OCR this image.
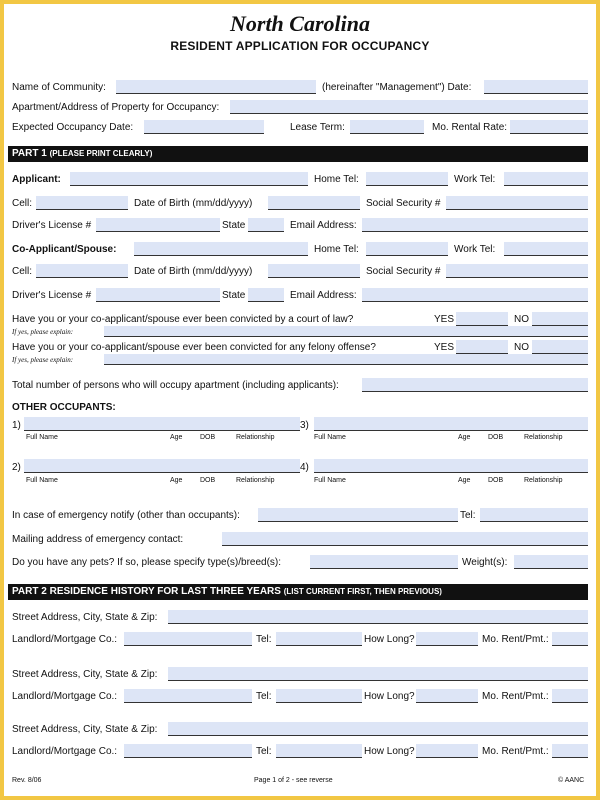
North Carolina
RESIDENT APPLICATION FOR OCCUPANCY
Name of Community:	(hereinafter "Management") Date:
Apartment/Address of Property for Occupancy:
Expected Occupancy Date:	Lease Term:	Mo. Rental Rate:
PART 1 (PLEASE PRINT CLEARLY)
Applicant:	Home Tel:	Work Tel:
Cell:	Date of Birth (mm/dd/yyyy)	Social Security #
Driver's License #	State	Email Address:
Co-Applicant/Spouse:	Home Tel:	Work Tel:
Cell:	Date of Birth (mm/dd/yyyy)	Social Security #
Driver's License #	State	Email Address:
Have you or your co-applicant/spouse ever been convicted by a court of law?	YES	NO
If yes, please explain:
Have you or your co-applicant/spouse ever been convicted for any felony offense?	YES	NO
If yes, please explain:
Total number of persons who will occupy apartment (including applicants):
OTHER OCCUPANTS:
1)
Full Name	Age	DOB	Relationship
3)
Full Name	Age	DOB	Relationship
2)
Full Name	Age	DOB	Relationship
4)
Full Name	Age	DOB	Relationship
In case of emergency notify (other than occupants):	Tel:
Mailing address of emergency contact:
Do you have any pets? If so, please specify type(s)/breed(s):	Weight(s):
PART 2 RESIDENCE HISTORY FOR LAST THREE YEARS (LIST CURRENT FIRST, THEN PREVIOUS)
Street Address, City, State & Zip:
Landlord/Mortgage Co.:	Tel:	How Long?	Mo. Rent/Pmt.:
Street Address, City, State & Zip:
Landlord/Mortgage Co.:	Tel:	How Long?	Mo. Rent/Pmt.:
Street Address, City, State & Zip:
Landlord/Mortgage Co.:	Tel:	How Long?	Mo. Rent/Pmt.:
Rev. 8/06	Page 1 of 2 - see reverse	© AANC
